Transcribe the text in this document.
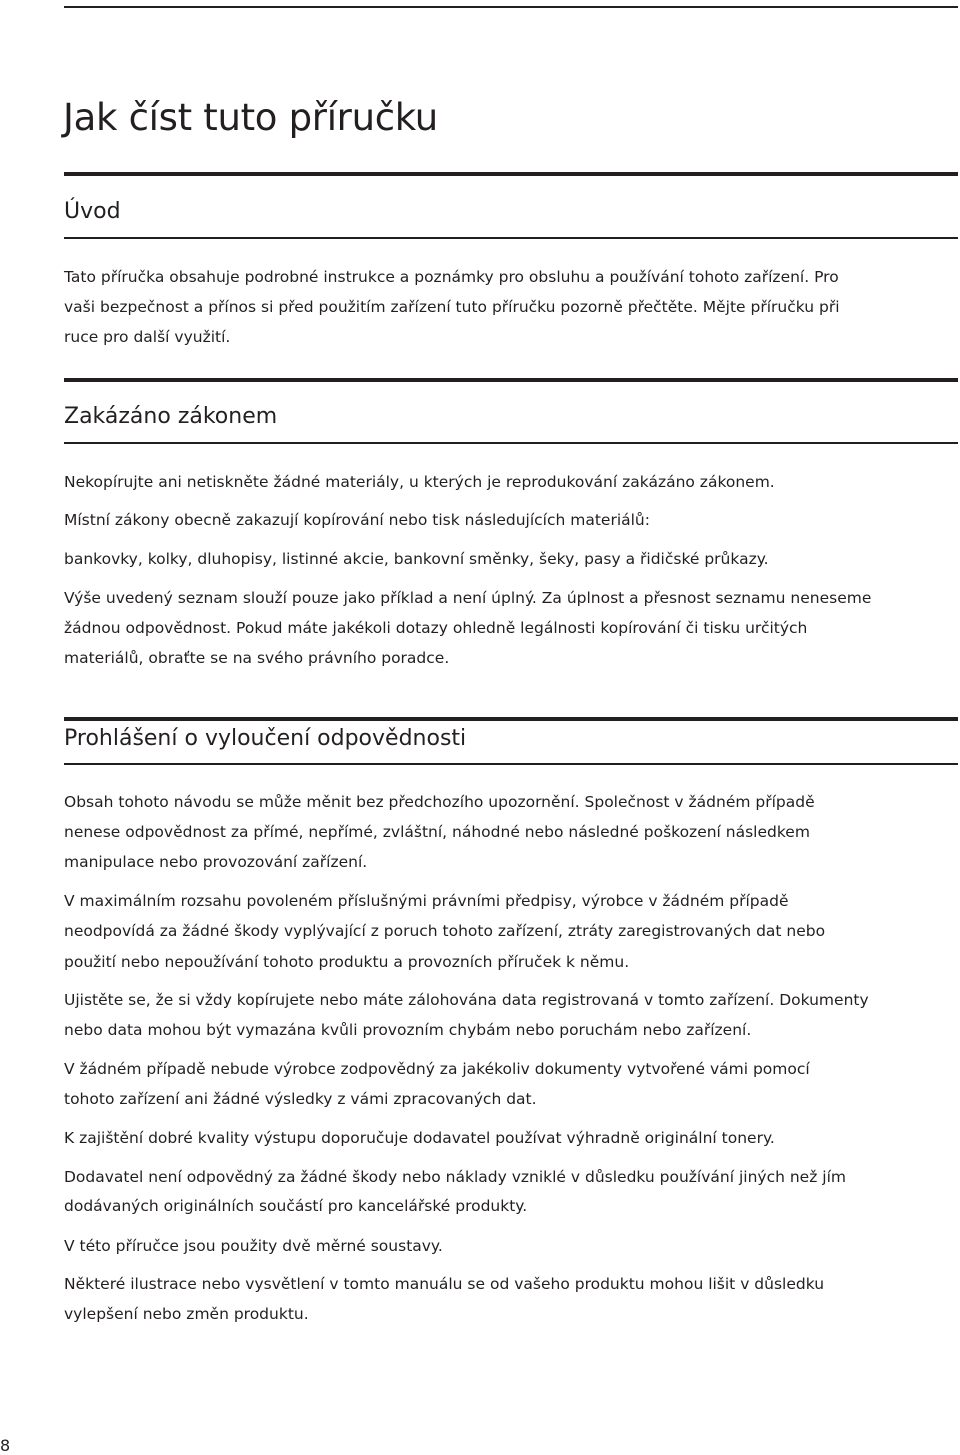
Jak číst tuto příručku
Úvod

Tato příručka obsahuje podrobné instrukce a poznámky pro obsluhu a používání tohoto zařízení. Pro

vaši bezpečnost a přínos si před použitím zařízení tuto příručku pozorně přečtěte. Mějte příručku při

ruce pro další využití.

Zakázáno zákonem

Nekopírujte ani netiskněte žádné materiály, u kterých je reprodukování zakázáno zákonem.

Místní zákony obecně zakazují kopírování nebo tisk následujících materiálů:

bankovky, kolky, dluhopisy, listinné akcie, bankovní směnky, šeky, pasy a řidičské průkazy.

Výše uvedený seznam slouží pouze jako příklad a není úplný. Za úplnost a přesnost seznamu neneseme

žádnou odpovědnost. Pokud máte jakékoli dotazy ohledně legálnosti kopírování či tisku určitých

materiálů, obraťte se na svého právního poradce.

Prohlášení o vyloučení odpovědnosti

Obsah tohoto návodu se může měnit bez předchozího upozornění. Společnost v žádném případě

nenese odpovědnost za přímé, nepřímé, zvláštní, náhodné nebo následné poškození následkem

manipulace nebo provozování zařízení.

V maximálním rozsahu povoleném příslušnými právními předpisy, výrobce v žádném případě

neodpovídá za žádné škody vyplývající z poruch tohoto zařízení, ztráty zaregistrovaných dat nebo

použití nebo nepoužívání tohoto produktu a provozních příruček k němu.

Ujistěte se, že si vždy kopírujete nebo máte zálohována data registrovaná v tomto zařízení. Dokumenty

nebo data mohou být vymazána kvůli provozním chybám nebo poruchám nebo zařízení.

V žádném případě nebude výrobce zodpovědný za jakékoliv dokumenty vytvořené vámi pomocí

tohoto zařízení ani žádné výsledky z vámi zpracovaných dat.

K zajištění dobré kvality výstupu doporučuje dodavatel používat výhradně originální tonery.

Dodavatel není odpovědný za žádné škody nebo náklady vzniklé v důsledku používání jiných než jím

dodávaných originálních součástí pro kancelářské produkty.

V této příručce jsou použity dvě měrné soustavy.

Některé ilustrace nebo vysvětlení v tomto manuálu se od vašeho produktu mohou lišit v důsledku

vylepšení nebo změn produktu.

8
